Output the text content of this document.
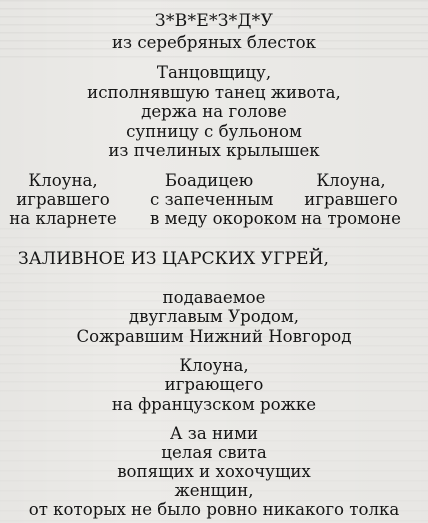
З*В*Е*З*Д*У
из серебряных блесток
Танцовщицу,
исполнявшую танец живота,
держа на голове
супницу с бульоном
из пчелиных крылышек
Клоуна,
игравшего
на кларнете
Боадицею
с запеченным
в меду окороком
Клоуна,
игравшего
на тромоне
ЗАЛИВНОЕ ИЗ ЦАРСКИХ УГРЕЙ,
подаваемое
двуглавым Уродом,
Сожравшим Нижний Новгород
Клоуна,
играющего
на французском рожке
А за ними
целая свита
вопящих и хохочущих
женщин,
от которых не было ровно никакого толка
